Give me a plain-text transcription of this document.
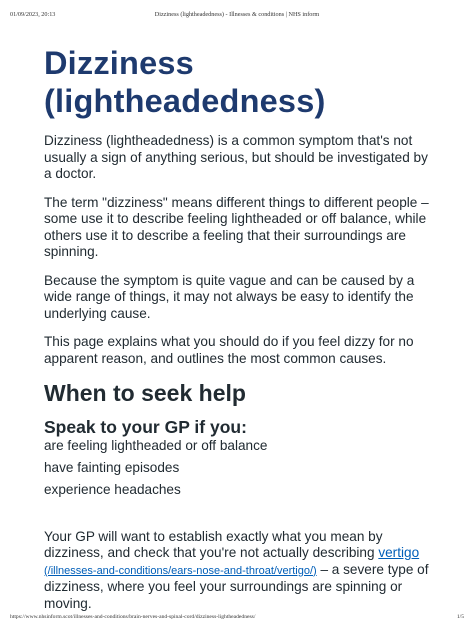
01/09/2023, 20:13	Dizziness (lightheadedness) - Illnesses & conditions | NHS inform
Dizziness
(lightheadedness)

Dizziness (lightheadedness) is a common symptom that's not usually a sign of anything serious, but should be investigated by a doctor.

The term "dizziness" means different things to different people – some use it to describe feeling lightheaded or off balance, while others use it to describe a feeling that their surroundings are spinning.

Because the symptom is quite vague and can be caused by a wide range of things, it may not always be easy to identify the underlying cause.

This page explains what you should do if you feel dizzy for no apparent reason, and outlines the most common causes.

When to seek help
Speak to your GP if you:
are feeling lightheaded or off balance
have fainting episodes
experience headaches

Your GP will want to establish exactly what you mean by dizziness, and check that you're not actually describing vertigo (/illnesses-and-conditions/ears-nose-and-throat/vertigo/) – a severe type of dizziness, where you feel your surroundings are spinning or moving.

https://www.nhsinform.scot/illnesses-and-conditions/brain-nerves-and-spinal-cord/dizziness-lightheadedness/	1/5
